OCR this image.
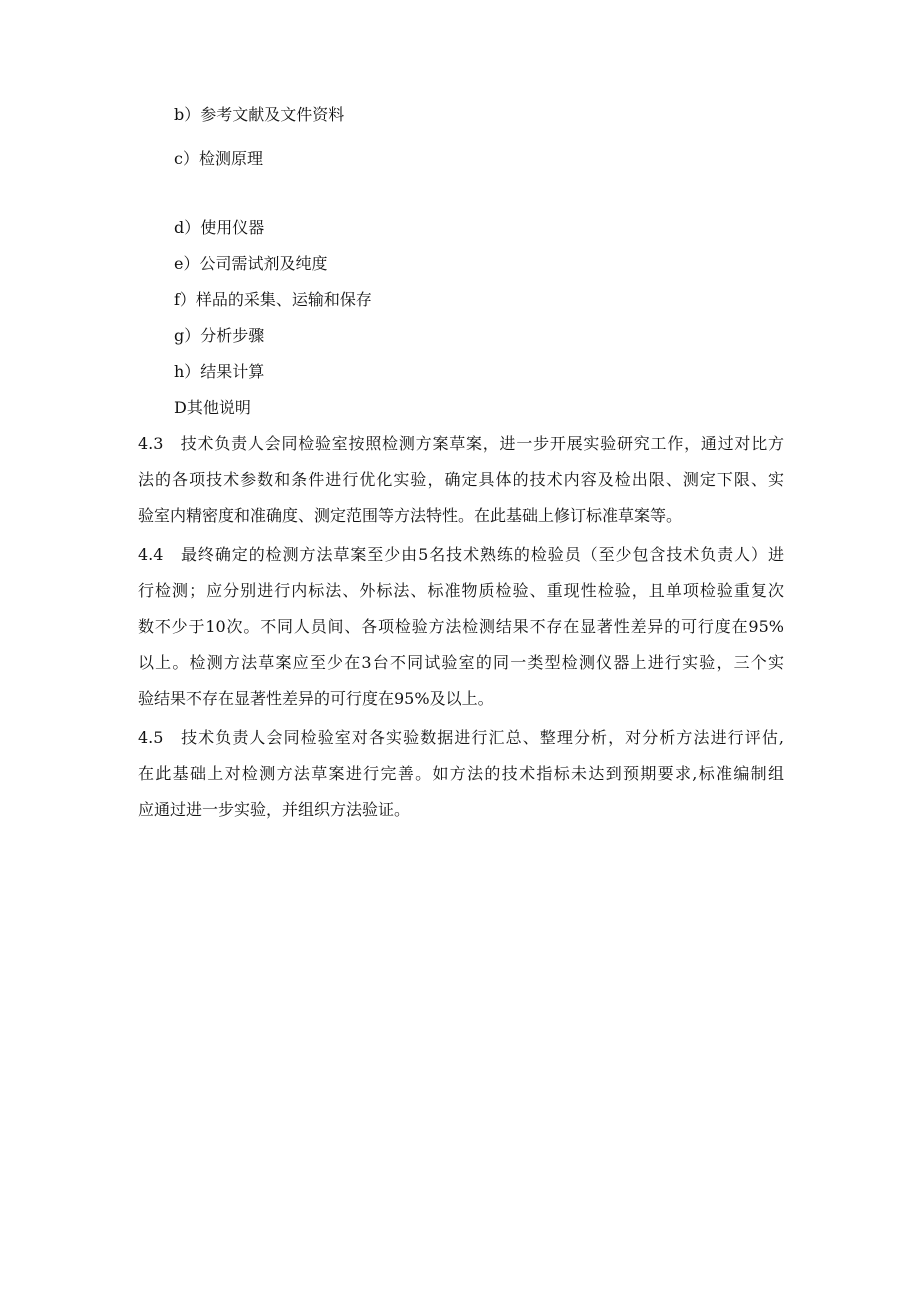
b）参考文献及文件资料
c）检测原理
d）使用仪器
e）公司需试剂及纯度
f）样品的采集、运输和保存
g）分析步骤
h）结果计算
D其他说明
4.3 技术负责人会同检验室按照检测方案草案，进一步开展实验研究工作，通过对比方
法的各项技术参数和条件进行优化实验，确定具体的技术内容及检出限、测定下限、实
验室内精密度和准确度、测定范围等方法特性。在此基础上修订标准草案等。
4.4 最终确定的检测方法草案至少由5名技术熟练的检验员（至少包含技术负责人）进
行检测；应分别进行内标法、外标法、标准物质检验、重现性检验，且单项检验重复次
数不少于10次。不同人员间、各项检验方法检测结果不存在显著性差异的可行度在95%
以上。检测方法草案应至少在3台不同试验室的同一类型检测仪器上进行实验，三个实
验结果不存在显著性差异的可行度在95%及以上。
4.5 技术负责人会同检验室对各实验数据进行汇总、整理分析，对分析方法进行评估,
在此基础上对检测方法草案进行完善。如方法的技术指标未达到预期要求,标准编制组
应通过进一步实验，并组织方法验证。
